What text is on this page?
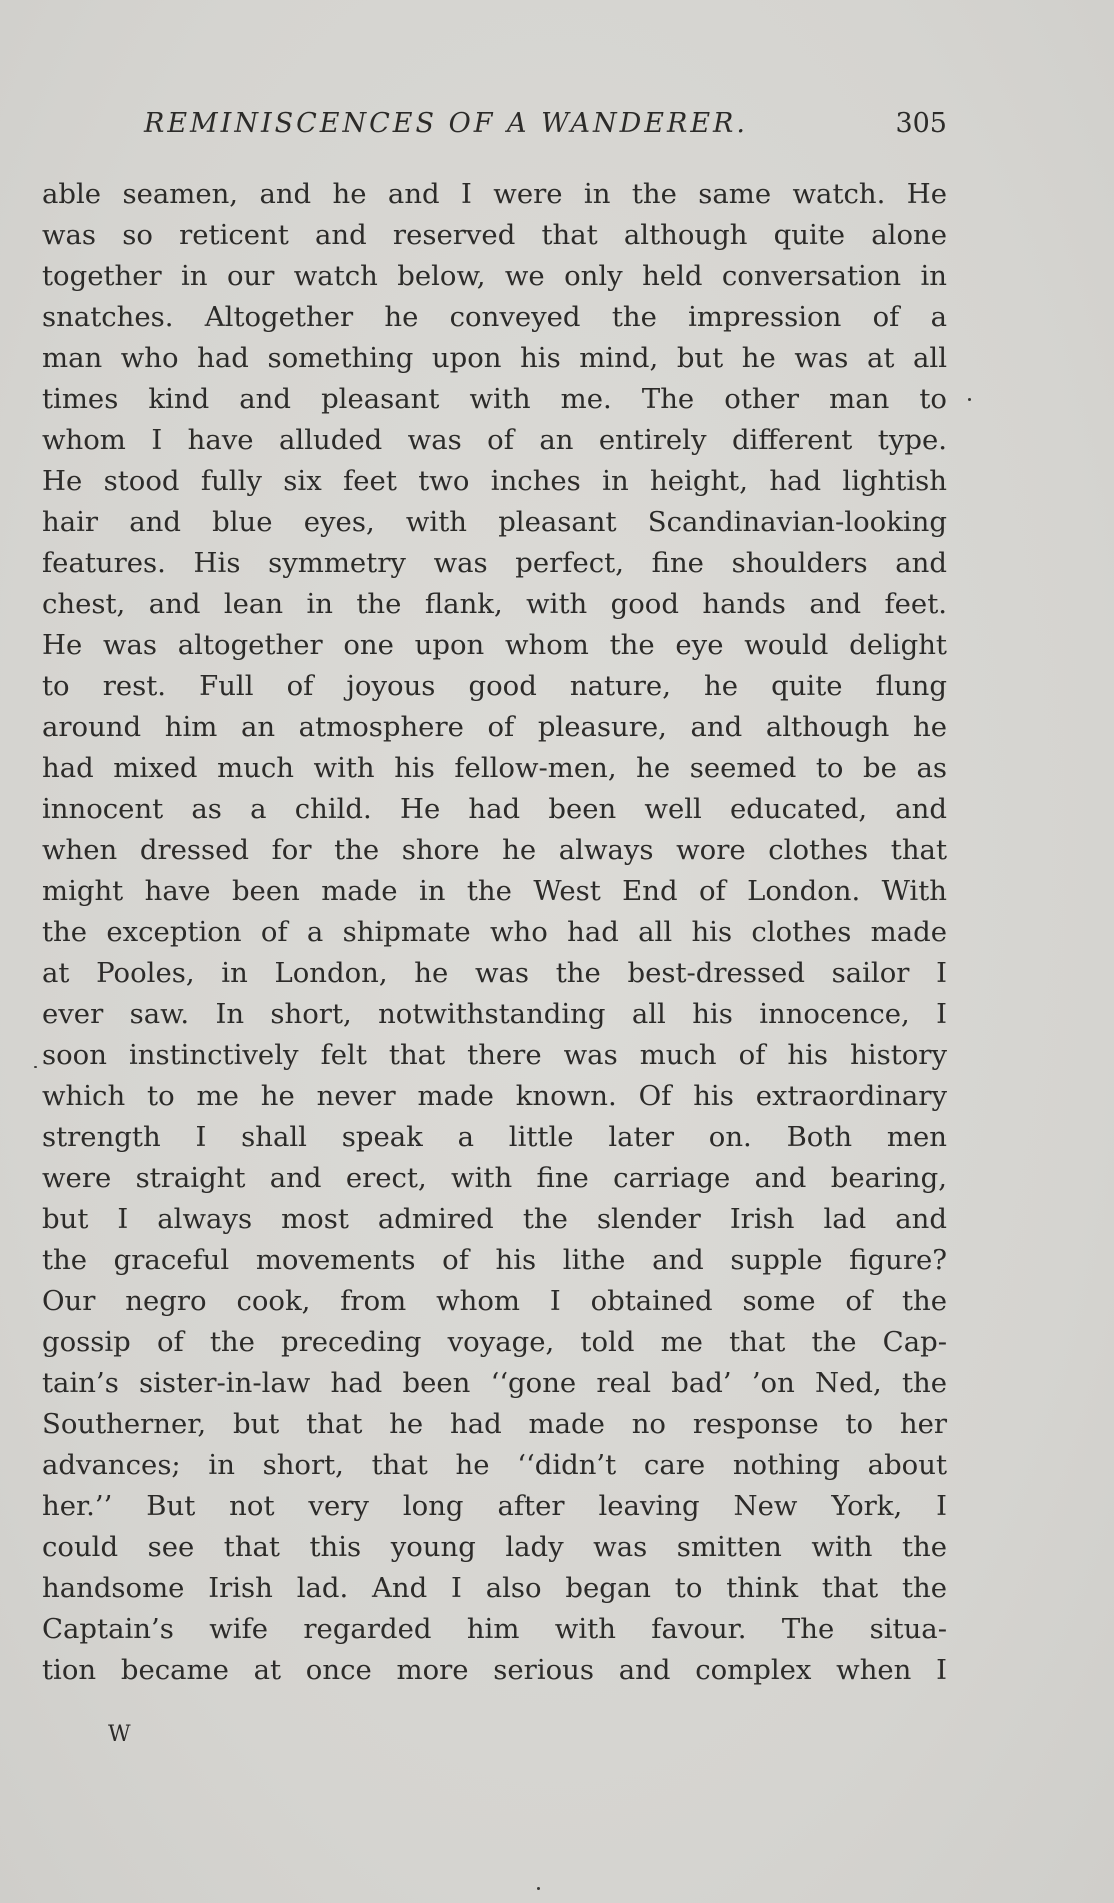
REMINISCENCES OF A WANDERER.	305
able seamen, and he and I were in the same watch. He
was so reticent and reserved that although quite alone
together in our watch below, we only held conversation in
snatches. Altogether he conveyed the impression of a
man who had something upon his mind, but he was at all
times kind and pleasant with me. The other man to
whom I have alluded was of an entirely different type.
He stood fully six feet two inches in height, had lightish
hair and blue eyes, with pleasant Scandinavian-looking
features. His symmetry was perfect, fine shoulders and
chest, and lean in the flank, with good hands and feet.
He was altogether one upon whom the eye would delight
to rest. Full of joyous good nature, he quite flung
around him an atmosphere of pleasure, and although he
had mixed much with his fellow-men, he seemed to be as
innocent as a child. He had been well educated, and
when dressed for the shore he always wore clothes that
might have been made in the West End of London. With
the exception of a shipmate who had all his clothes made
at Pooles, in London, he was the best-dressed sailor I
ever saw. In short, notwithstanding all his innocence, I
soon instinctively felt that there was much of his history
which to me he never made known. Of his extraordinary
strength I shall speak a little later on. Both men
were straight and erect, with fine carriage and bearing,
but I always most admired the slender Irish lad and
the graceful movements of his lithe and supple figure?
Our negro cook, from whom I obtained some of the
gossip of the preceding voyage, told me that the Cap-
tain’s sister-in-law had been ‘‘gone real bad’ ’on Ned, the
Southerner, but that he had made no response to her
advances; in short, that he ‘‘didn’t care nothing about
her.’’ But not very long after leaving New York, I
could see that this young lady was smitten with the
handsome Irish lad. And I also began to think that the
Captain’s wife regarded him with favour. The situa-
tion became at once more serious and complex when I
W
